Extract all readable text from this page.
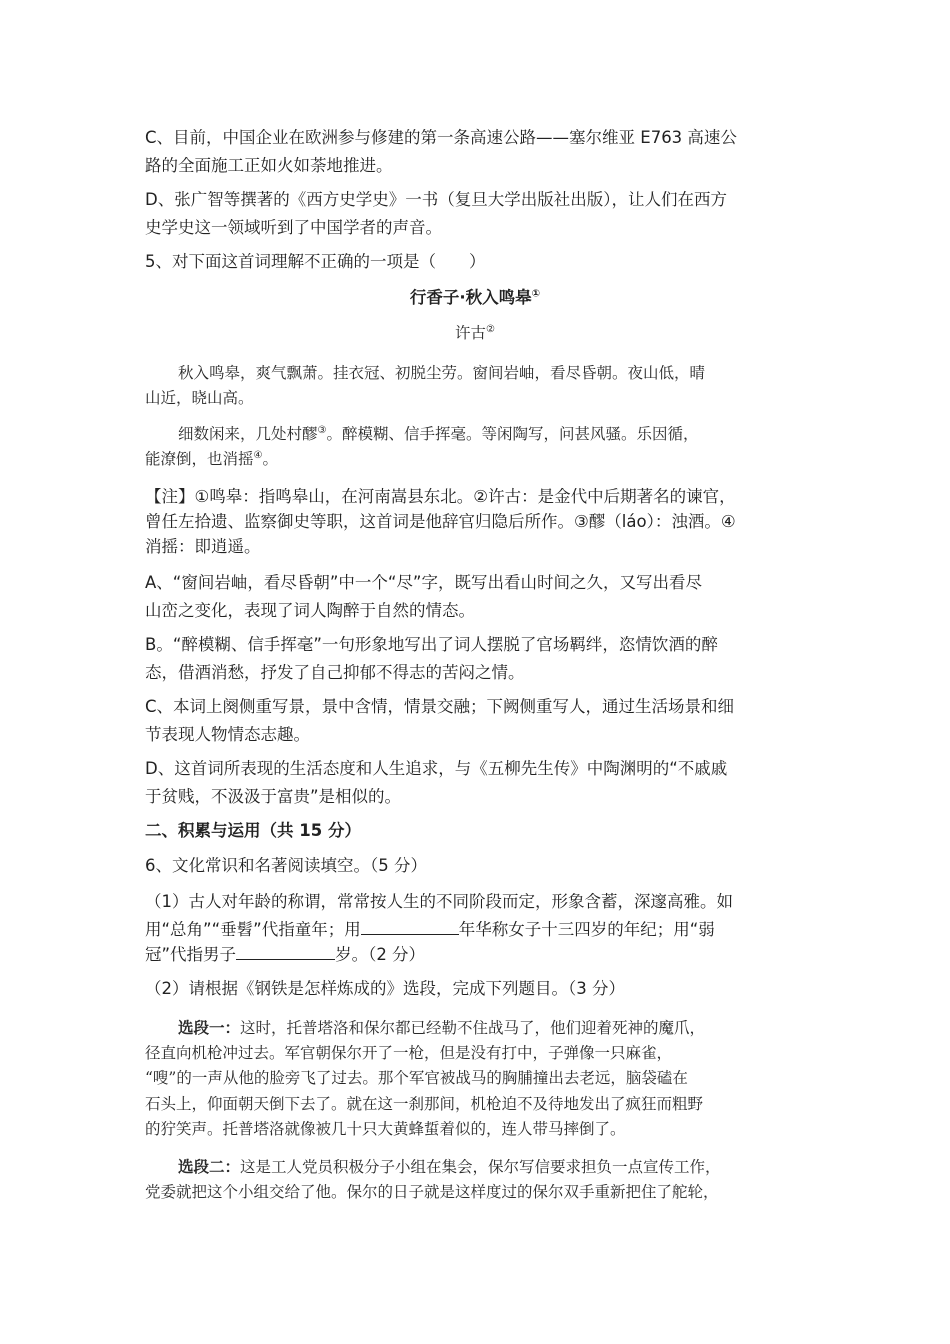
C、目前，中国企业在欧洲参与修建的第一条高速公路——塞尔维亚 E763 高速公
路的全面施工正如火如荼地推进。
D、张广智等撰著的《西方史学史》一书（复旦大学出版社出版），让人们在西方
史学史这一领域听到了中国学者的声音。
5、对下面这首词理解不正确的一项是（　　）
行香子·秋入鸣皋①
许古②
秋入鸣皋，爽气飘萧。挂衣冠、初脱尘劳。窗间岩岫，看尽昏朝。夜山低，晴
山近，晓山高。
细数闲来，几处村醪③。醉模糊、信手挥毫。等闲陶写，问甚风骚。乐因循，
能潦倒，也消摇④。
【注】①鸣皋：指鸣皋山，在河南嵩县东北。②许古：是金代中后期著名的谏官，
曾任左拾遗、监察御史等职，这首词是他辞官归隐后所作。③醪（láo）：浊酒。④
消摇：即逍遥。
A、“窗间岩岫，看尽昏朝”中一个“尽”字，既写出看山时间之久，又写出看尽
山峦之变化，表现了词人陶醉于自然的情态。
B。“醉模糊、信手挥毫”一句形象地写出了词人摆脱了官场羁绊，恣情饮酒的醉
态，借酒消愁，抒发了自己抑郁不得志的苦闷之情。
C、本词上阕侧重写景，景中含情，情景交融；下阙侧重写人，通过生活场景和细
节表现人物情态志趣。
D、这首词所表现的生活态度和人生追求，与《五柳先生传》中陶渊明的“不戚戚
于贫贱，不汲汲于富贵”是相似的。
二、积累与运用（共 15 分）
6、文化常识和名著阅读填空。（5 分）
（1）古人对年龄的称谓，常常按人生的不同阶段而定，形象含蓄，深邃高雅。如
用“总角”“垂髫”代指童年；用	年华称女子十三四岁的年纪；用“弱
冠”代指男子	岁。（2 分）
（2）请根据《钢铁是怎样炼成的》选段，完成下列题目。（3 分）
选段一：这时，托普塔洛和保尔都已经勒不住战马了，他们迎着死神的魔爪，
径直向机枪冲过去。军官朝保尔开了一枪，但是没有打中，子弹像一只麻雀，
“嗖”的一声从他的脸旁飞了过去。那个军官被战马的胸脯撞出去老远，脑袋磕在
石头上，仰面朝天倒下去了。就在这一刹那间，机枪迫不及待地发出了疯狂而粗野
的狞笑声。托普塔洛就像被几十只大黄蜂蜇着似的，连人带马摔倒了。
选段二：这是工人党员积极分子小组在集会，保尔写信要求担负一点宣传工作，
党委就把这个小组交给了他。保尔的日子就是这样度过的保尔双手重新把住了舵轮，
